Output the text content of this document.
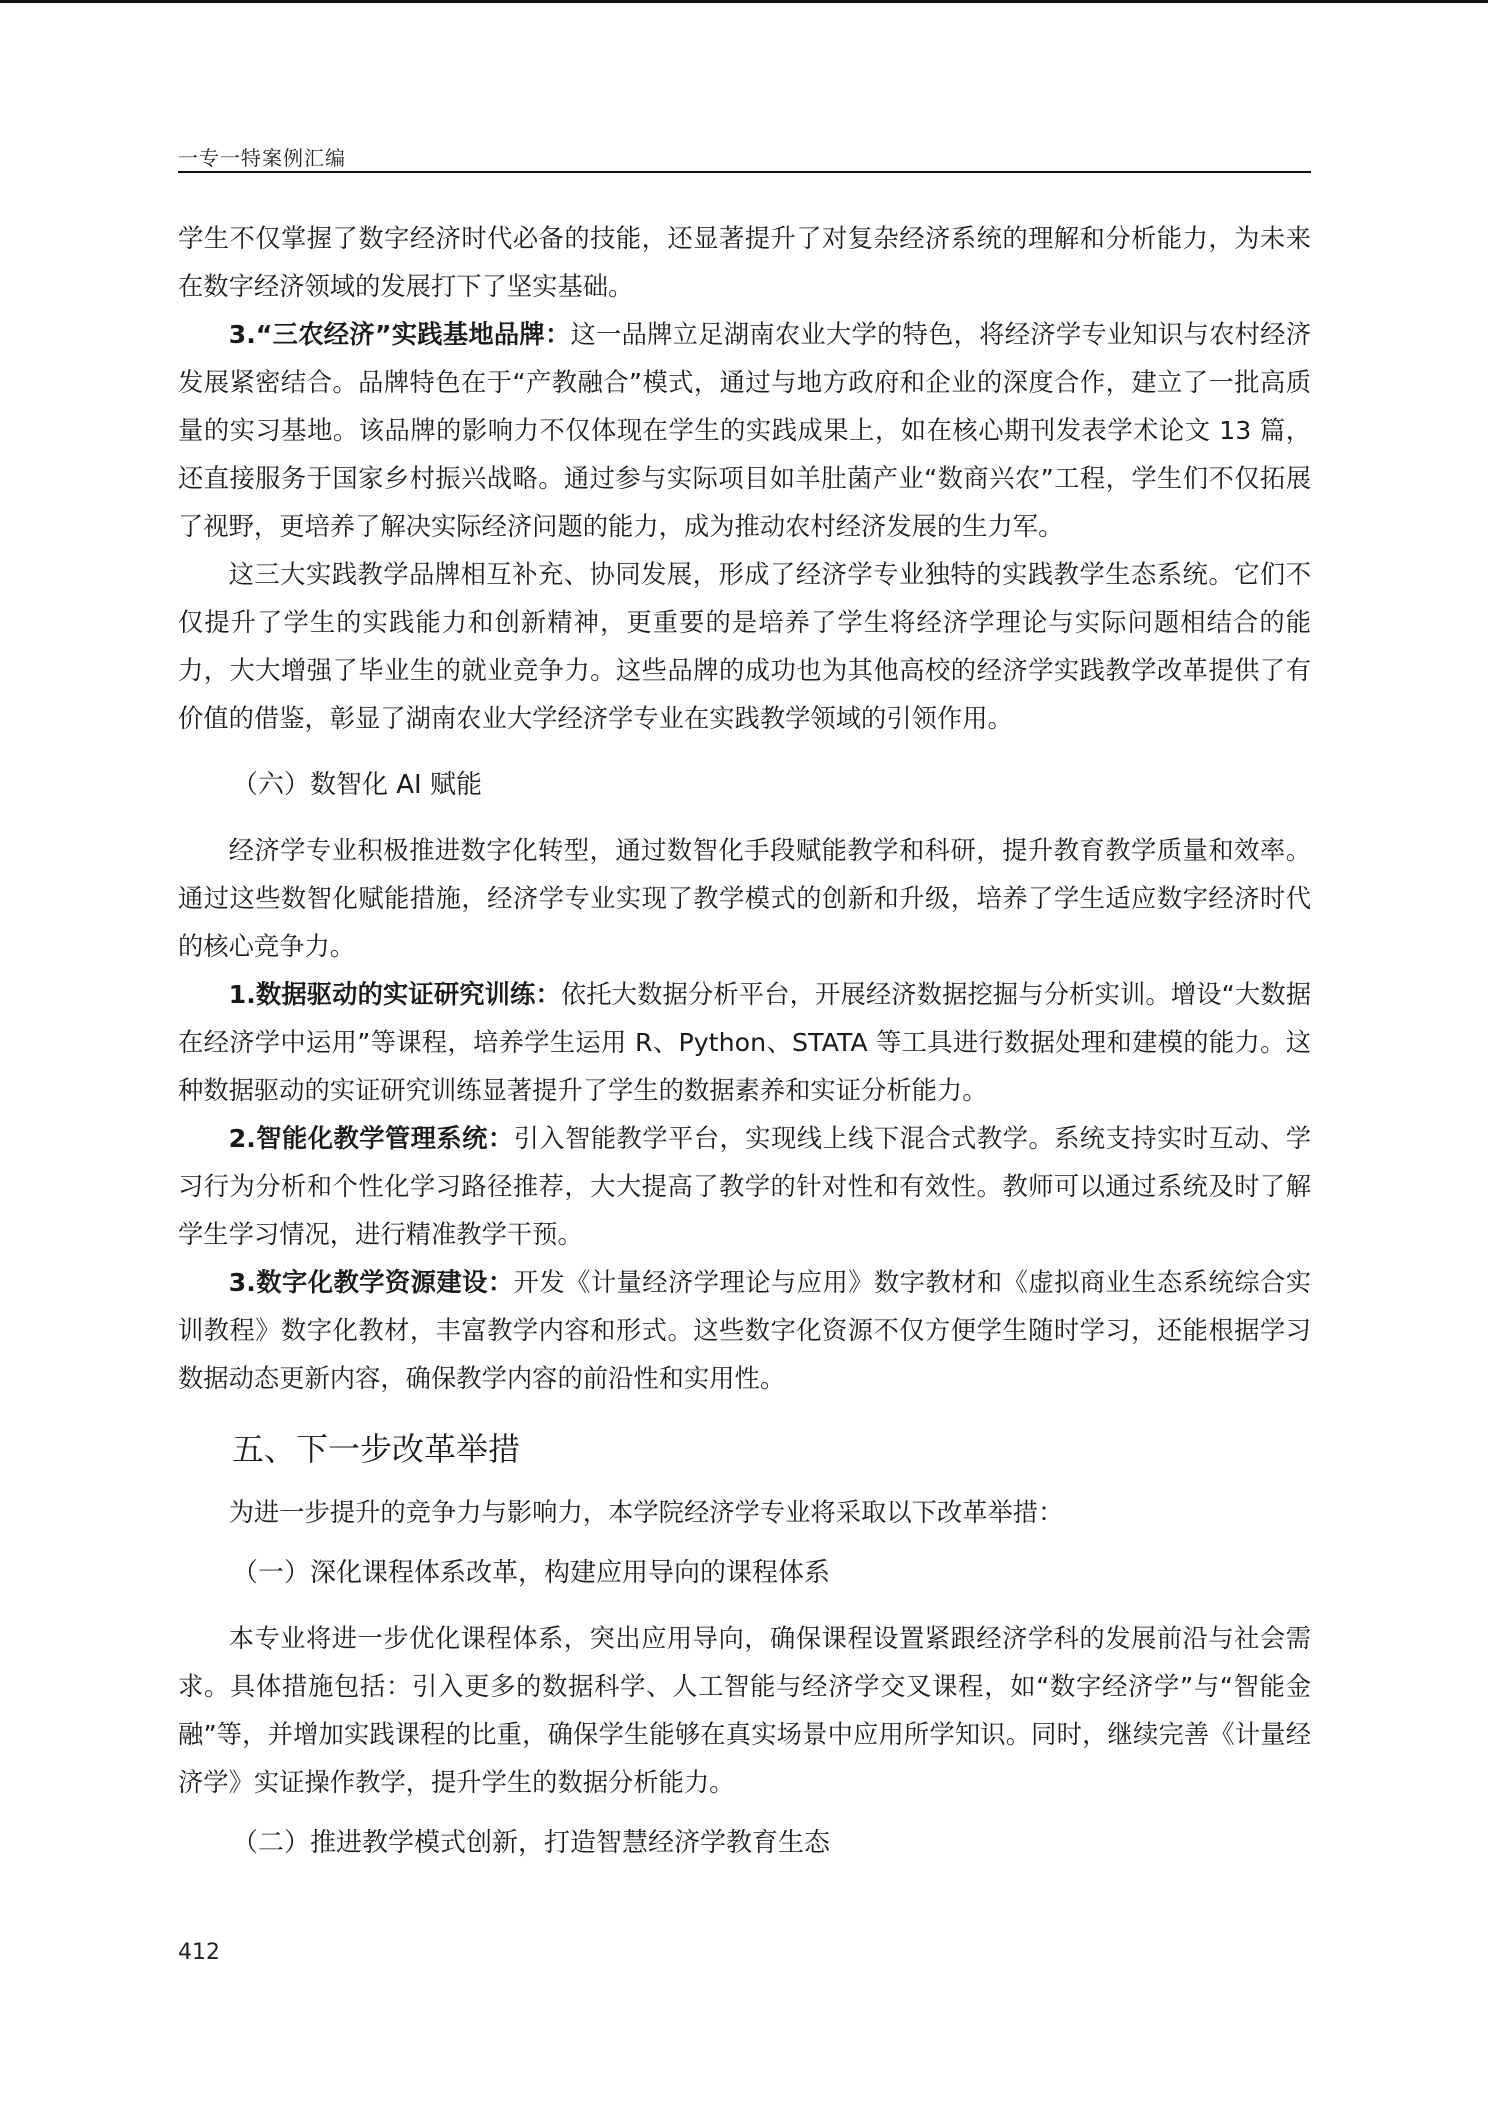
一专一特案例汇编

学生不仅掌握了数字经济时代必备的技能，还显著提升了对复杂经济系统的理解和分析能力，为未来在数字经济领域的发展打下了坚实基础。

3.“三农经济”实践基地品牌：这一品牌立足湖南农业大学的特色，将经济学专业知识与农村经济发展紧密结合。品牌特色在于“产教融合”模式，通过与地方政府和企业的深度合作，建立了一批高质量的实习基地。该品牌的影响力不仅体现在学生的实践成果上，如在核心期刊发表学术论文 13 篇，还直接服务于国家乡村振兴战略。通过参与实际项目如羊肚菌产业“数商兴农”工程，学生们不仅拓展了视野，更培养了解决实际经济问题的能力，成为推动农村经济发展的生力军。

这三大实践教学品牌相互补充、协同发展，形成了经济学专业独特的实践教学生态系统。它们不仅提升了学生的实践能力和创新精神，更重要的是培养了学生将经济学理论与实际问题相结合的能力，大大增强了毕业生的就业竞争力。这些品牌的成功也为其他高校的经济学实践教学改革提供了有价值的借鉴，彰显了湖南农业大学经济学专业在实践教学领域的引领作用。

（六）数智化 AI 赋能

经济学专业积极推进数字化转型，通过数智化手段赋能教学和科研，提升教育教学质量和效率。通过这些数智化赋能措施，经济学专业实现了教学模式的创新和升级，培养了学生适应数字经济时代的核心竞争力。

1.数据驱动的实证研究训练：依托大数据分析平台，开展经济数据挖掘与分析实训。增设“大数据在经济学中运用”等课程，培养学生运用 R、Python、STATA 等工具进行数据处理和建模的能力。这种数据驱动的实证研究训练显著提升了学生的数据素养和实证分析能力。

2.智能化教学管理系统：引入智能教学平台，实现线上线下混合式教学。系统支持实时互动、学习行为分析和个性化学习路径推荐，大大提高了教学的针对性和有效性。教师可以通过系统及时了解学生学习情况，进行精准教学干预。

3.数字化教学资源建设：开发《计量经济学理论与应用》数字教材和《虚拟商业生态系统综合实训教程》数字化教材，丰富教学内容和形式。这些数字化资源不仅方便学生随时学习，还能根据学习数据动态更新内容，确保教学内容的前沿性和实用性。

五、下一步改革举措

为进一步提升的竞争力与影响力，本学院经济学专业将采取以下改革举措：

（一）深化课程体系改革，构建应用导向的课程体系

本专业将进一步优化课程体系，突出应用导向，确保课程设置紧跟经济学科的发展前沿与社会需求。具体措施包括：引入更多的数据科学、人工智能与经济学交叉课程，如“数字经济学”与“智能金融”等，并增加实践课程的比重，确保学生能够在真实场景中应用所学知识。同时，继续完善《计量经济学》实证操作教学，提升学生的数据分析能力。

（二）推进教学模式创新，打造智慧经济学教育生态

412
